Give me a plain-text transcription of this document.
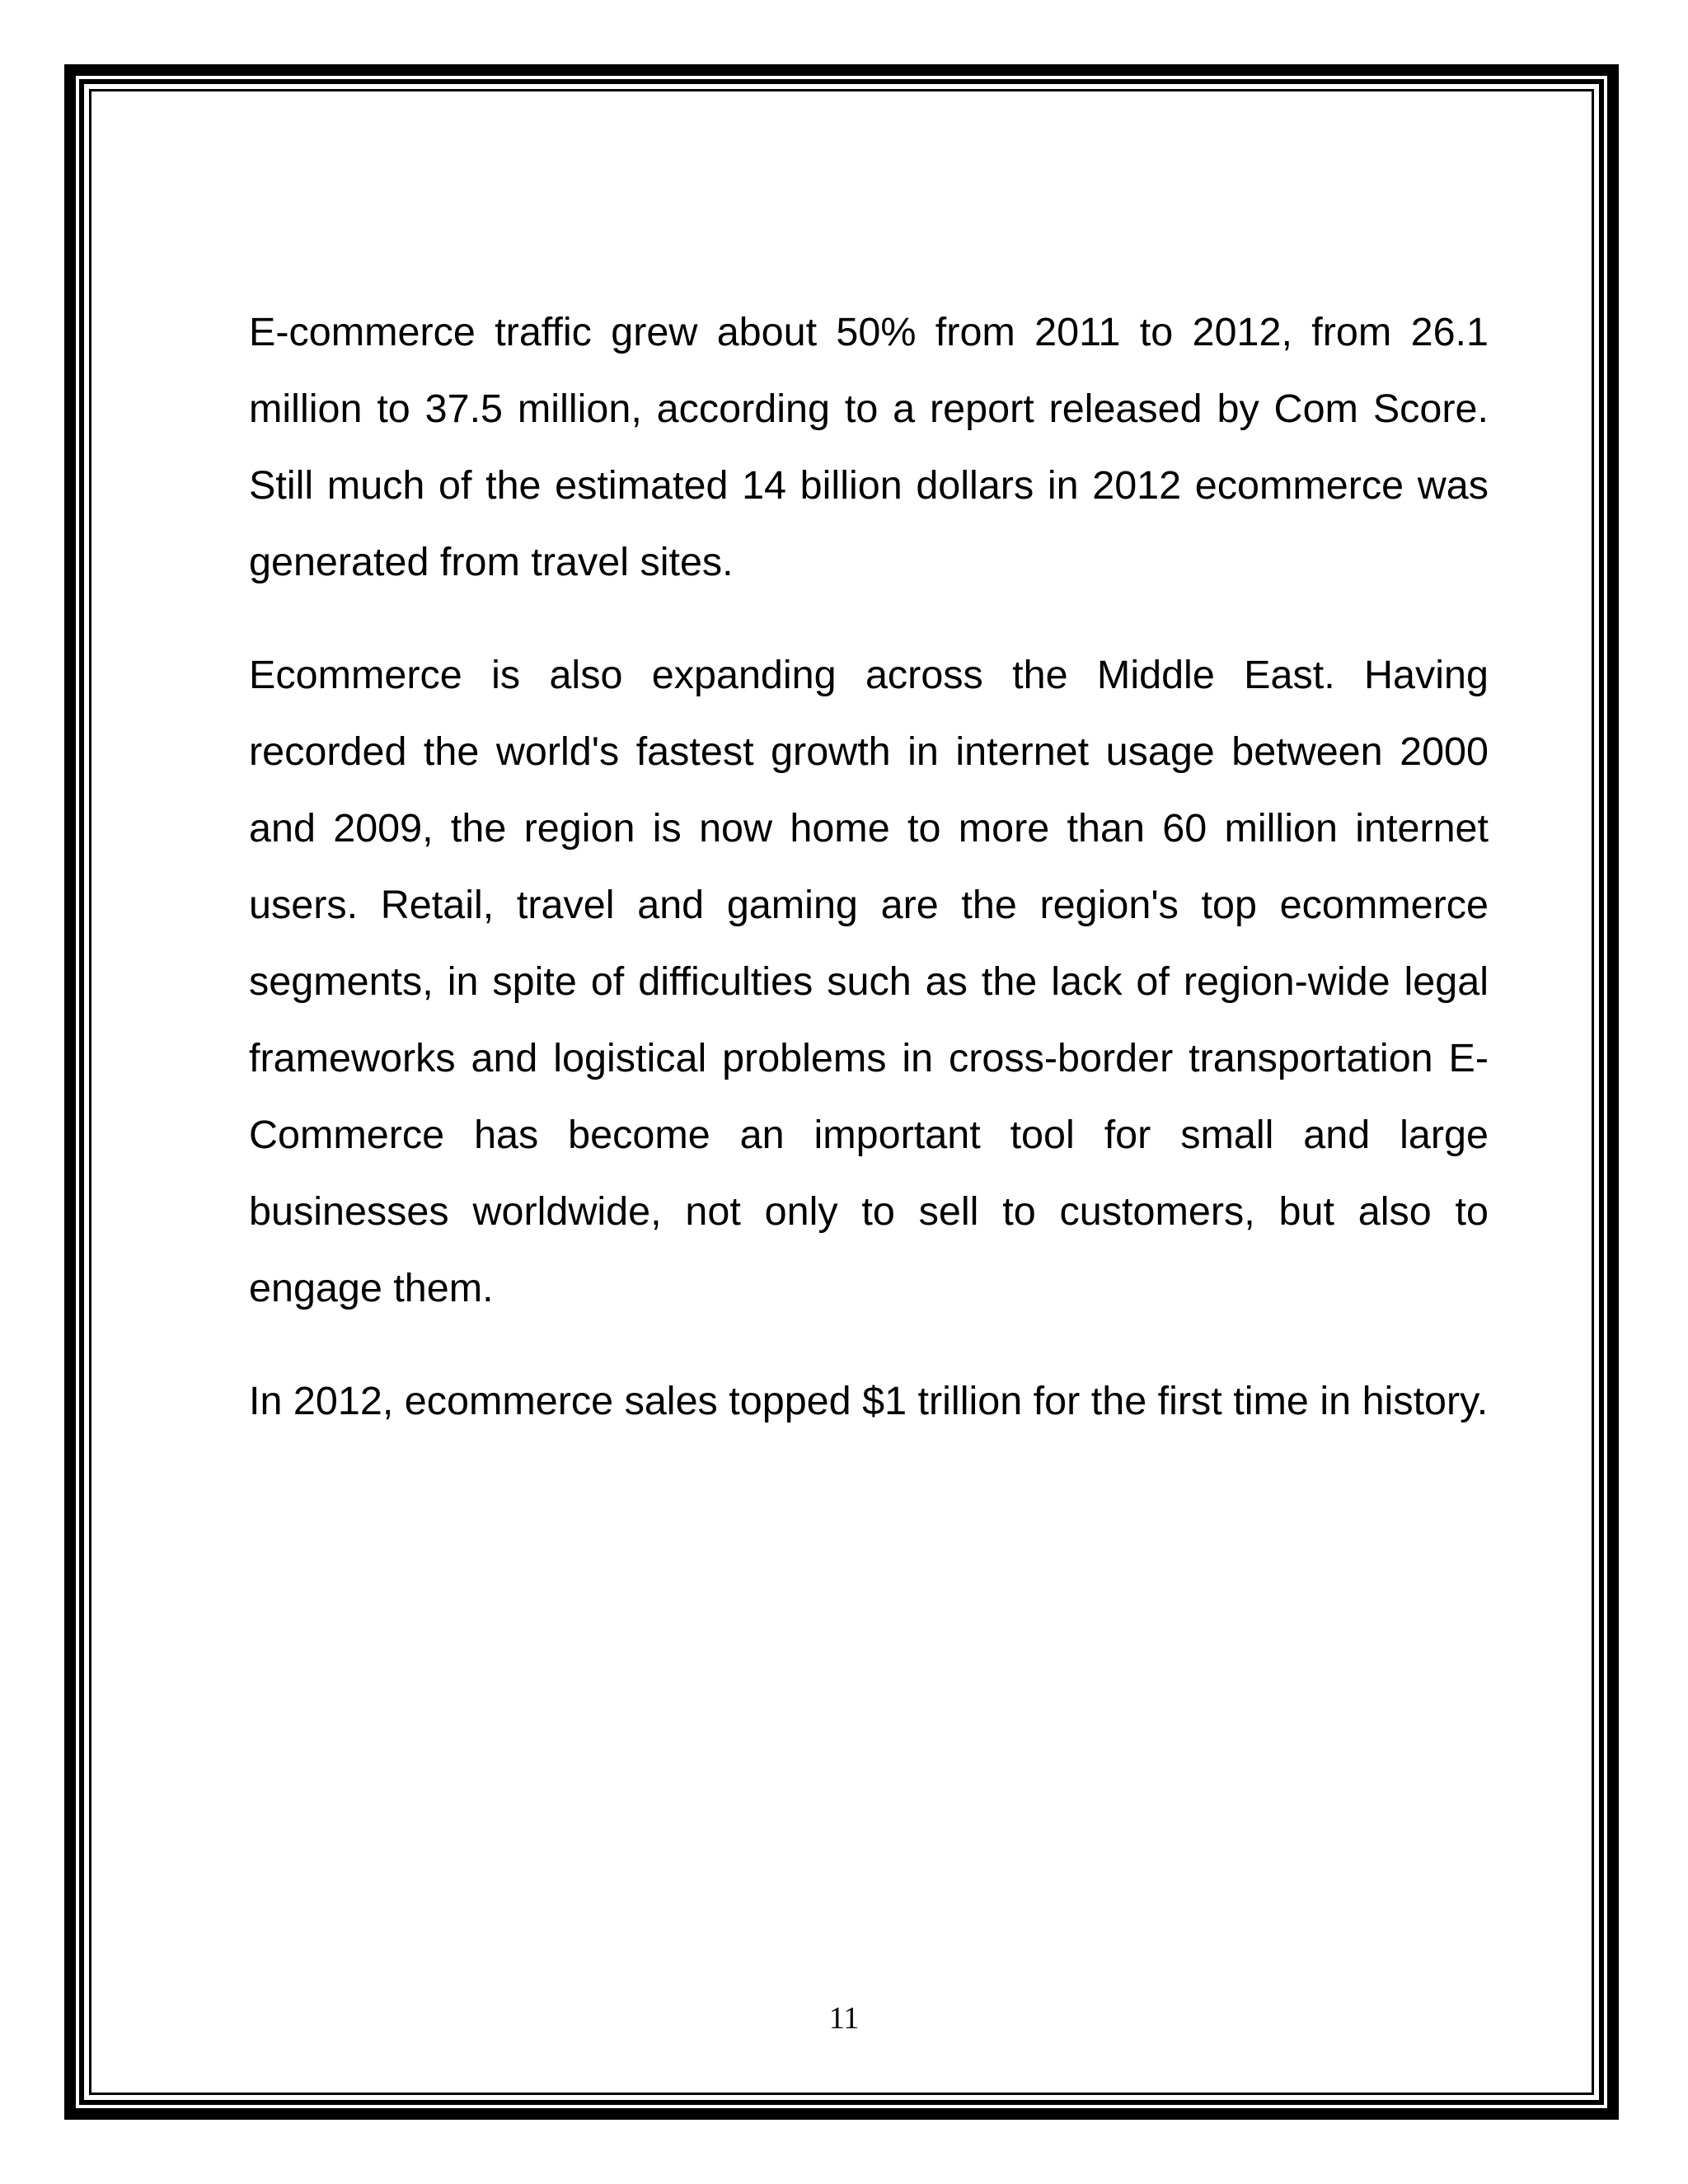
E-commerce traffic grew about 50% from 2011 to 2012, from 26.1 million to 37.5 million, according to a report released by Com Score. Still much of the estimated 14 billion dollars in 2012 ecommerce was generated from travel sites.

Ecommerce is also expanding across the Middle East. Having recorded the world's fastest growth in internet usage between 2000 and 2009, the region is now home to more than 60 million internet users. Retail, travel and gaming are the region's top ecommerce segments, in spite of difficulties such as the lack of region-wide legal frameworks and logistical problems in cross-border transportation E-Commerce has become an important tool for small and large businesses worldwide, not only to sell to customers, but also to engage them.

In 2012, ecommerce sales topped $1 trillion for the first time in history.

11
